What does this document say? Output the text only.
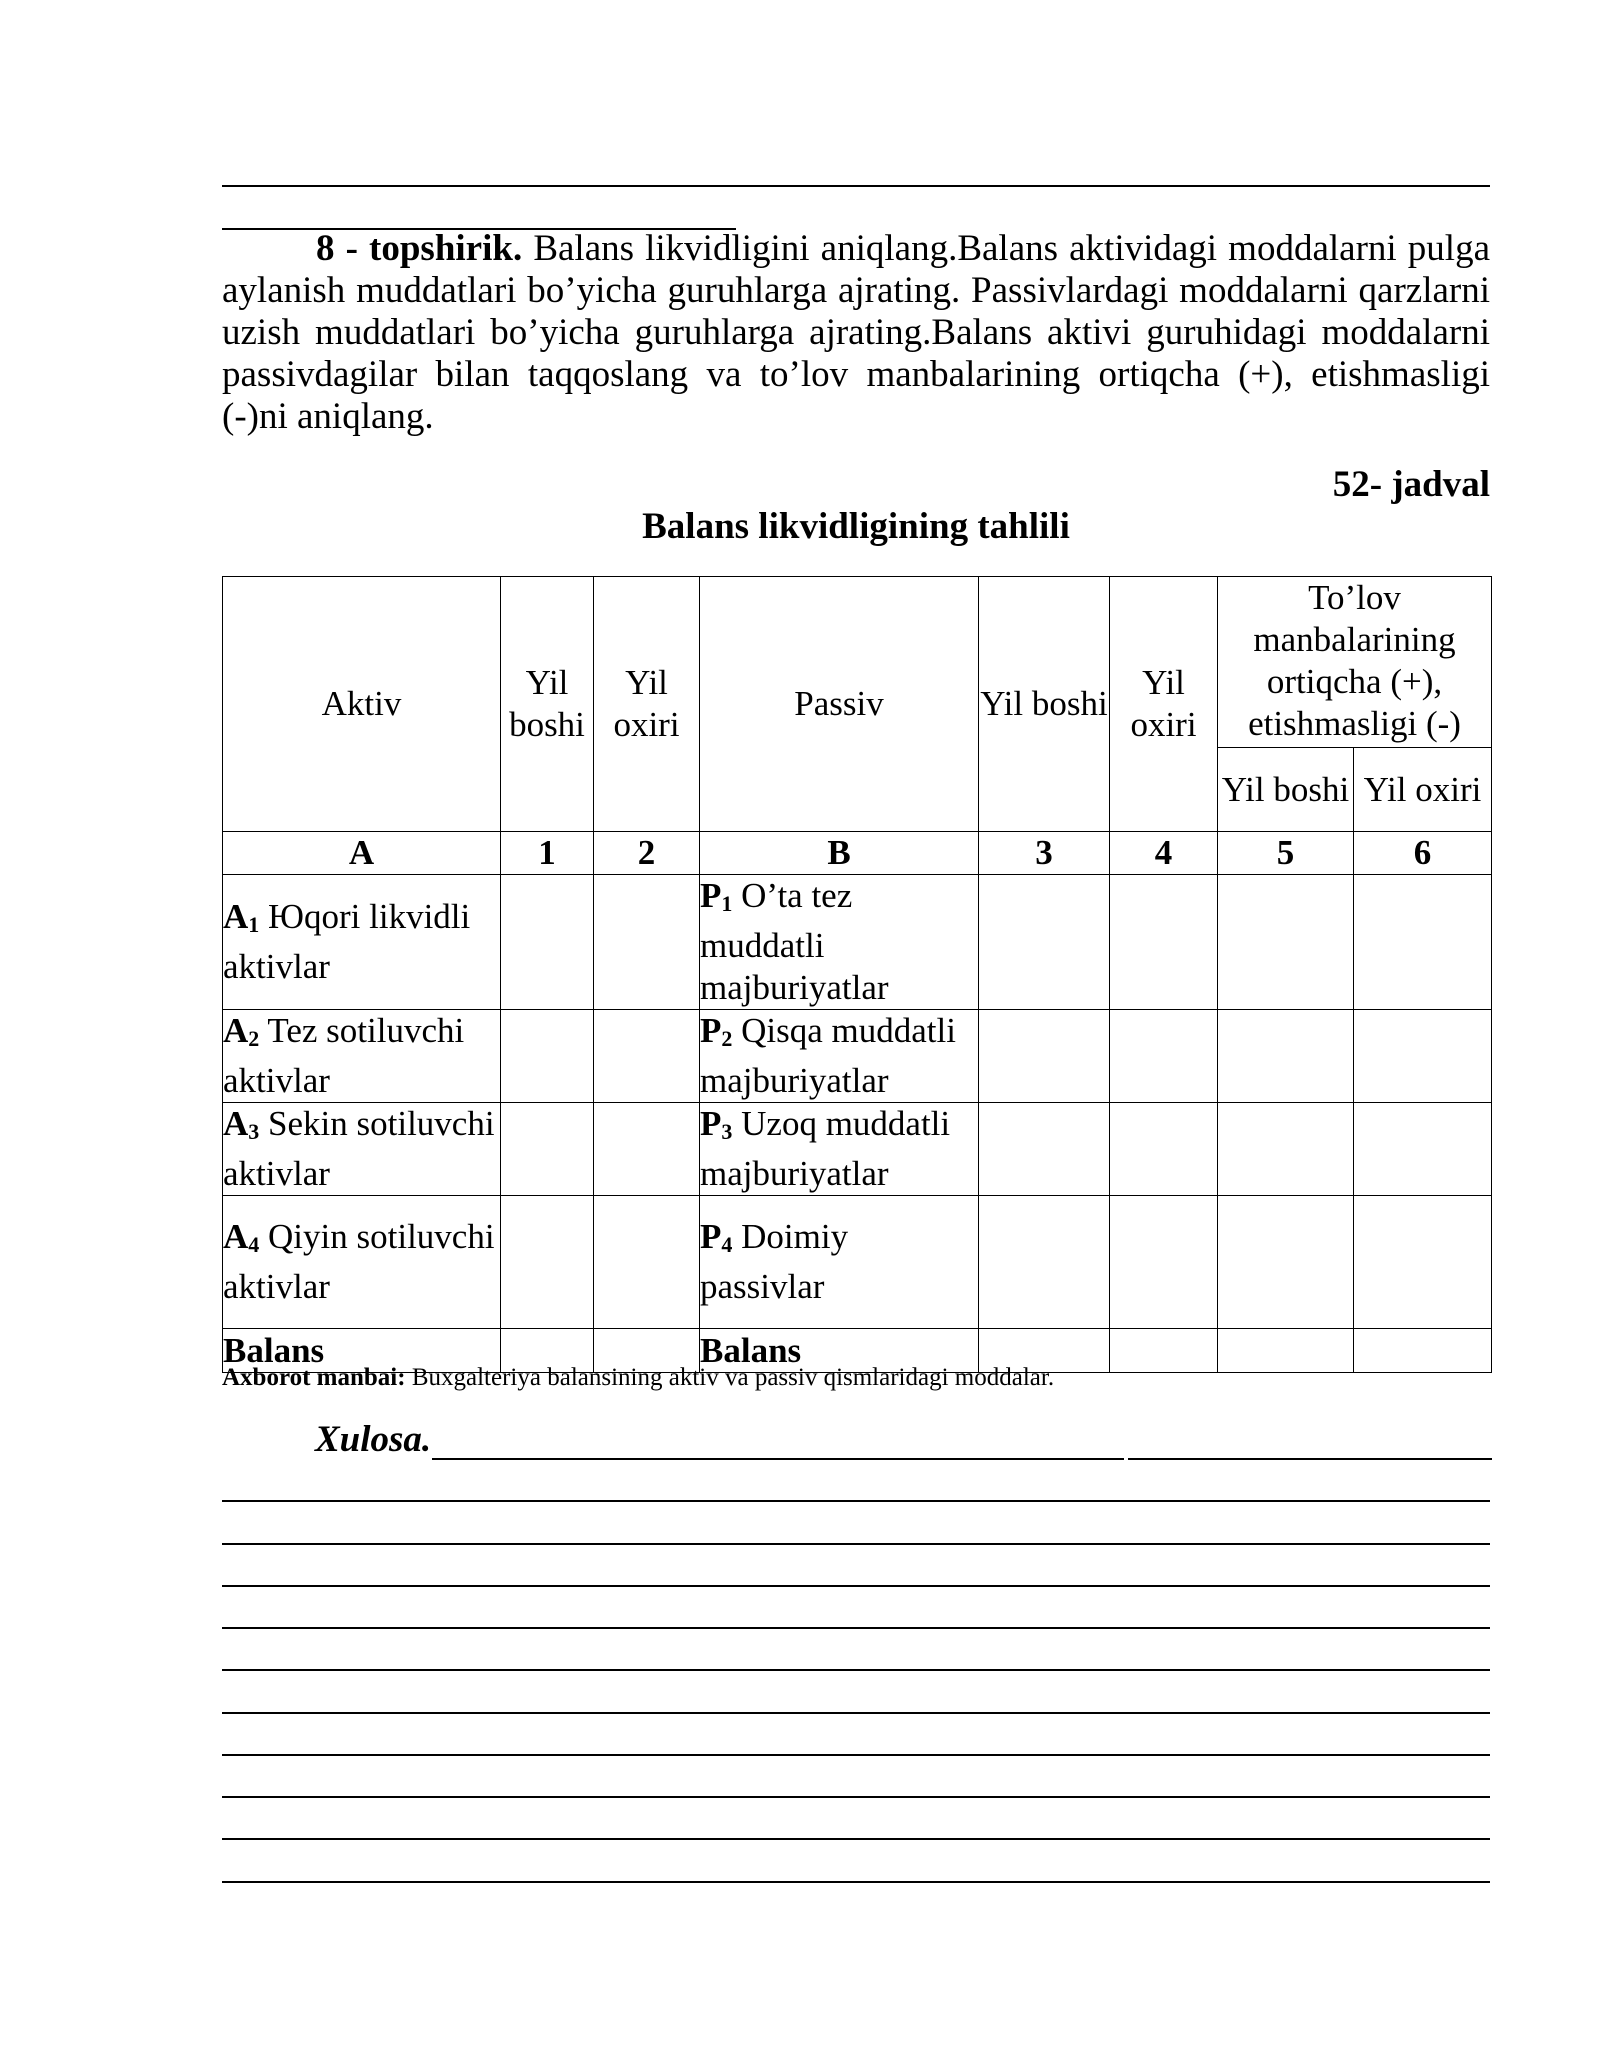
8 - topshirik. Balans likvidligini aniqlang.Balans aktividagi moddalarni pulga aylanish muddatlari bo’yicha guruhlarga ajrating. Passivlardagi moddalarni qarzlarni uzish muddatlari bo’yicha guruhlarga ajrating.Balans aktivi guruhidagi moddalarni passivdagilar bilan taqqoslang va to’lov manbalarining ortiqcha (+), etishmasligi (-)ni aniqlang.
52- jadval
Balans likvidligining tahlili
Aktiv	Yil boshi	Yil oxiri	Passiv	Yil boshi	Yil oxiri	To’lov manbalarining ortiqcha (+), etishmasligi (-)	
						Yil boshi	Yil oxiri
A	1	2	B	3	4	5	6
$A_1$ Юqori likvidli aktivlar			$P_1$ O’ta tez muddatli majburiyatlar				
$A_2$ Tez sotiluvchi aktivlar			$P_2$ Qisqa muddatli majburiyatlar				
$A_3$ Sekin sotiluvchi aktivlar			$P_3$ Uzoq muddatli majburiyatlar				
$A_4$ Qiyin sotiluvchi aktivlar			$P_4$ Doimiy passivlar				
Balans			Balans				
Axborot manbai: Buxgalteriya balansining aktiv va passiv qismlaridagi moddalar.
Xulosa.
